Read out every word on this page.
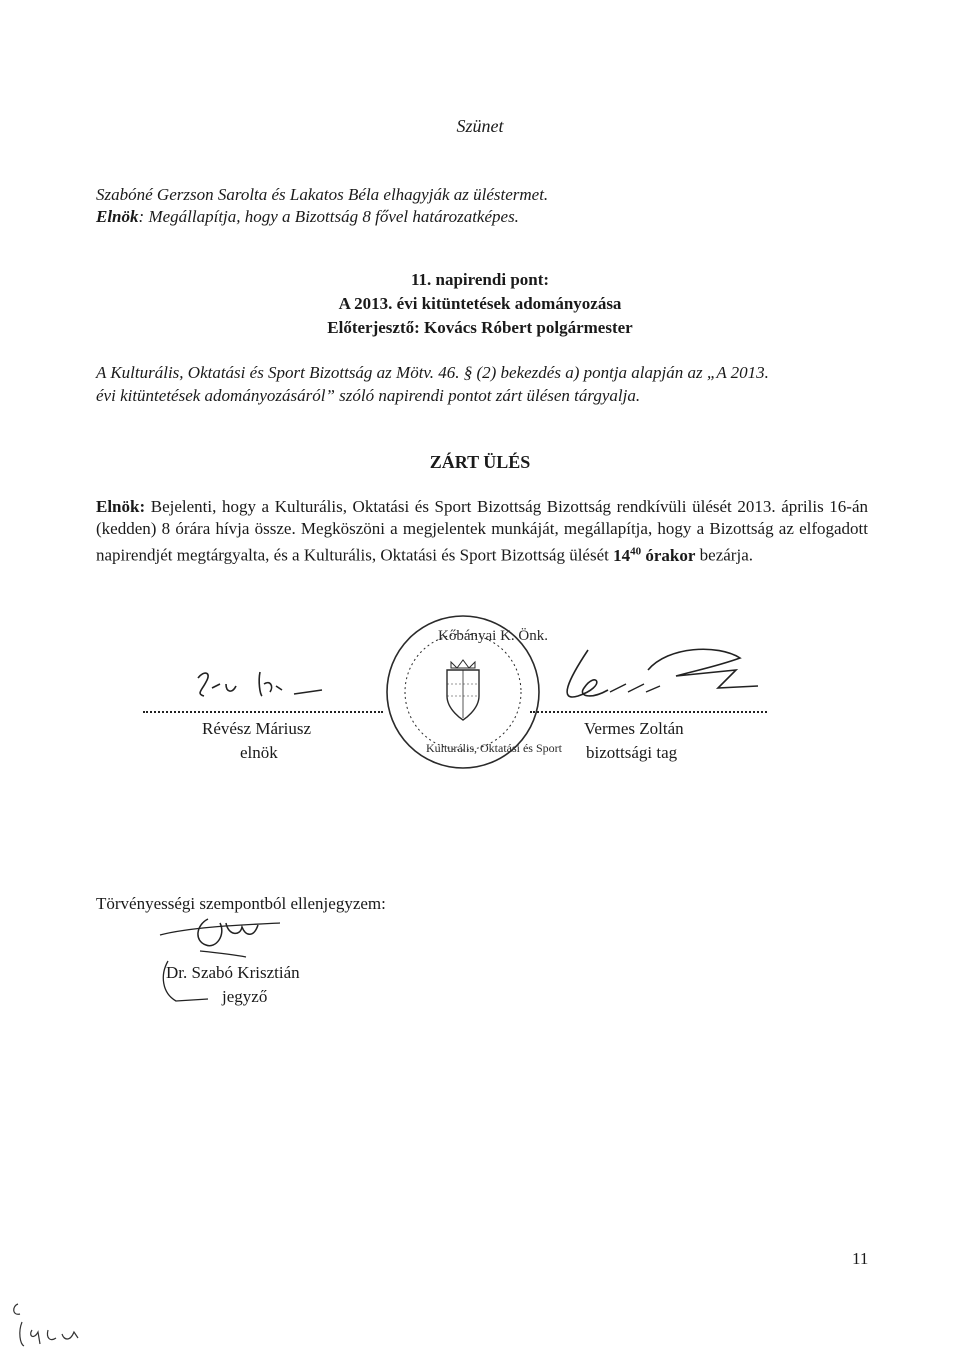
Szünet
Szabóné Gerzson Sarolta és Lakatos Béla elhagyják az üléstermet.
Elnök: Megállapítja, hogy a Bizottság 8 fővel határozatképes.
11. napirendi pont:
A 2013. évi kitüntetések adományozása
Előterjesztő: Kovács Róbert polgármester
A Kulturális, Oktatási és Sport Bizottság az Mötv. 46. § (2) bekezdés a) pontja alapján az „A 2013.
évi kitüntetések adományozásáról” szóló napirendi pontot zárt ülésen tárgyalja.
ZÁRT ÜLÉS
Elnök: Bejelenti, hogy a Kulturális, Oktatási és Sport Bizottság Bizottság rendkívüli ülését 2013. április 16-án (kedden) 8 órára hívja össze. Megköszöni a megjelentek munkáját, megállapítja, hogy a Bizottság az elfogadott napirendjét megtárgyalta, és a Kulturális, Oktatási és Sport Bizottság ülését $14^{40}$ órakor bezárja.
Kőbányai K. Önk.
Kulturális, Oktatási és Sport
Révész Máriusz
elnök
Vermes Zoltán
bizottsági tag
Törvényességi szempontból ellenjegyzem:
Dr. Szabó Krisztián
jegyző
11
